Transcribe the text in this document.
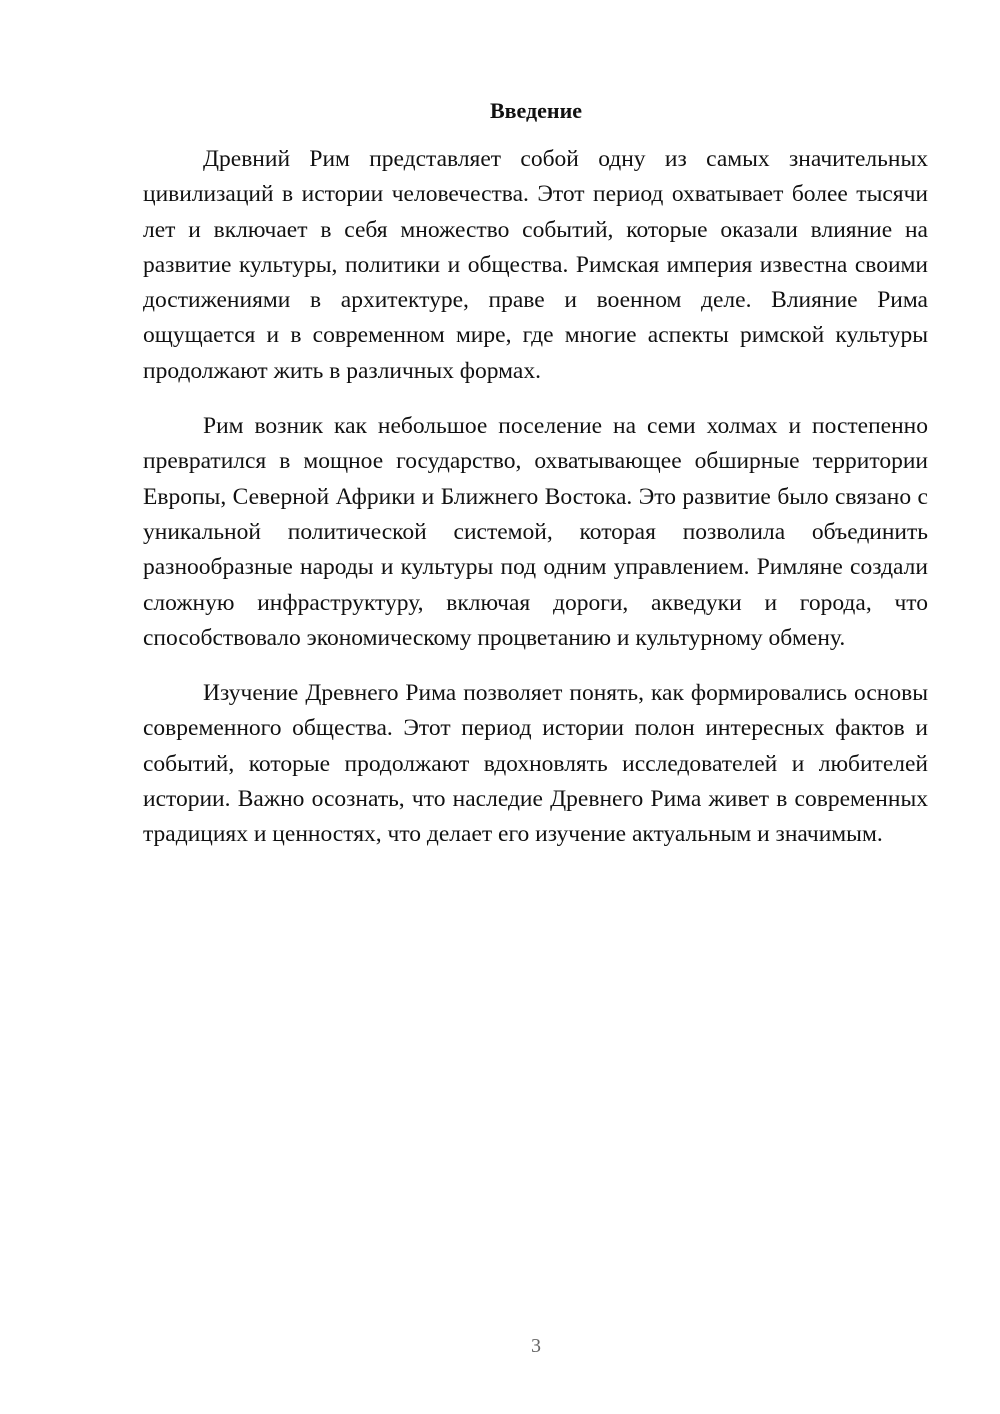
Введение

Древний Рим представляет собой одну из самых значительных цивилизаций в истории человечества. Этот период охватывает более тысячи лет и включает в себя множество событий, которые оказали влияние на развитие культуры, политики и общества. Римская империя известна своими достижениями в архитектуре, праве и военном деле. Влияние Рима ощущается и в современном мире, где многие аспекты римской культуры продолжают жить в различных формах.

Рим возник как небольшое поселение на семи холмах и постепенно превратился в мощное государство, охватывающее обширные территории Европы, Северной Африки и Ближнего Востока. Это развитие было связано с уникальной политической системой, которая позволила объединить разнообразные народы и культуры под одним управлением. Римляне создали сложную инфраструктуру, включая дороги, акведуки и города, что способствовало экономическому процветанию и культурному обмену.

Изучение Древнего Рима позволяет понять, как формировались основы современного общества. Этот период истории полон интересных фактов и событий, которые продолжают вдохновлять исследователей и любителей истории. Важно осознать, что наследие Древнего Рима живет в современных традициях и ценностях, что делает его изучение актуальным и значимым.

3
